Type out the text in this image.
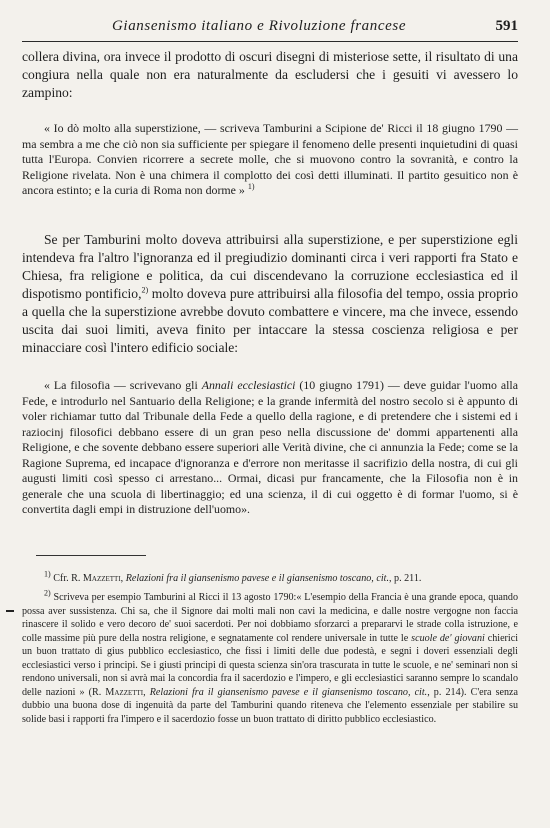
Giansenismo italiano e Rivoluzione francese	591
collera divina, ora invece il prodotto di oscuri disegni di misteriose sette, il risultato di una congiura nella quale non era naturalmente da escludersi che i gesuiti vi avessero lo zampino:
« Io dò molto alla superstizione, — scriveva Tamburini a Scipione de' Ricci il 18 giugno 1790 — ma sembra a me che ciò non sia sufficiente per spiegare il fenomeno delle presenti inquietudini di quasi tutta l'Europa. Convien ricorrere a secrete molle, che si muovono contro la sovranità, e contro la Religione rivelata. Non è una chimera il complotto dei così detti illuminati. Il partito gesuitico non è ancora estinto; e la curia di Roma non dorme » $^{1)}$
Se per Tamburini molto doveva attribuirsi alla superstizione, e per superstizione egli intendeva fra l'altro l'ignoranza ed il pregiudizio dominanti circa i veri rapporti fra Stato e Chiesa, fra religione e politica, da cui discendevano la corruzione ecclesiastica ed il dispotismo pontificio,$^{2)}$ molto doveva pure attribuirsi alla filosofia del tempo, ossia proprio a quella che la superstizione avrebbe dovuto combattere e vincere, ma che invece, essendo uscita dai suoi limiti, aveva finito per intaccare la stessa coscienza religiosa e per minacciare così l'intero edificio sociale:
« La filosofia — scrivevano gli Annali ecclesiastici (10 giugno 1791) — deve guidar l'uomo alla Fede, e introdurlo nel Santuario della Religione; e la grande infermità del nostro secolo si è appunto di voler richiamar tutto dal Tribunale della Fede a quello della ragione, e di pretendere che i sistemi ed i raziocinj filosofici debbano essere di un gran peso nella discussione de' dommi appartenenti alla Religione, e che sovente debbano essere superiori alle Verità divine, che ci annunzia la Fede; come se la Ragione Suprema, ed incapace d'ignoranza e d'errore non meritasse il sacrifizio della nostra, di cui gli augusti limiti così spesso ci arrestano... Ormai, dicasi pur francamente, che la Filosofia non è in generale che una scuola di libertinaggio; ed una scienza, il di cui oggetto è di formar l'uomo, si è convertita dagli empi in distruzione dell'uomo».

$^{1)}$ Cfr. R. Mazzetti, Relazioni fra il giansenismo pavese e il giansenismo toscano, cit., p. 211.

$^{2)}$ Scriveva per esempio Tamburini al Ricci il 13 agosto 1790:« L'esempio della Francia è una grande epoca, quando possa aver sussistenza. Chi sa, che il Signore dai molti mali non cavi la medicina, e dalle nostre vergogne non faccia rinascere il solido e vero decoro de' suoi sacerdoti. Per noi dobbiamo sforzarci a prepararvi le strade colla istruzione, e colle massime più pure della nostra religione, e segnatamente col rendere universale in tutte le scuole de' giovani chierici un buon trattato di gius pubblico ecclesiastico, che fissi i limiti delle due podestà, e segni i doveri essenziali degli ecclesiastici verso i principi. Se i giusti principi di questa scienza sin'ora trascurata in tutte le scuole, e ne' seminari non si rendono universali, non si avrà mai la concordia fra il sacerdozio e l'impero, e gli ecclesiastici saranno sempre lo scandalo delle nazioni » (R. Mazzetti, Relazioni fra il giansenismo pavese e il giansenismo toscano, cit., p. 214). C'era senza dubbio una buona dose di ingenuità da parte del Tamburini quando riteneva che l'elemento essenziale per stabilire su solide basi i rapporti fra l'impero e il sacerdozio fosse un buon trattato di diritto pubblico ecclesiastico.
